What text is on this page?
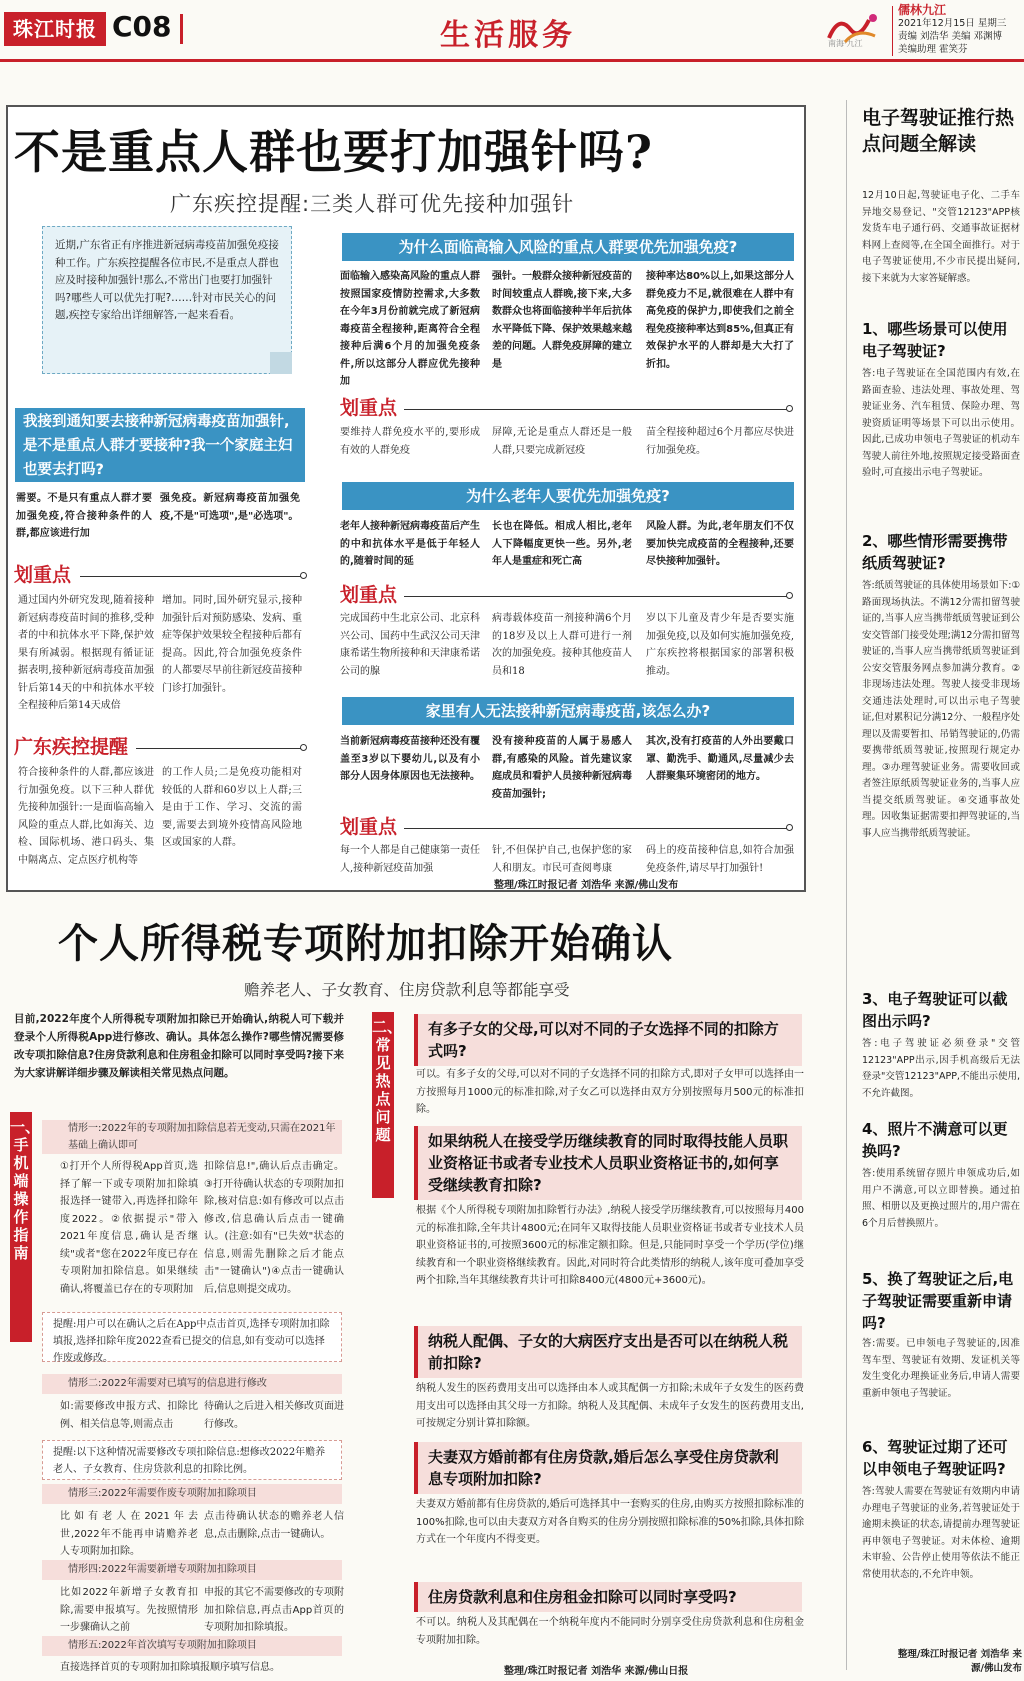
珠江时报 C08	生活服务	南海·九江
儒林九江
2021年12月15日 星期三
责编 刘浩华 美编 邓渊博
美编助理 霍笑芬
不是重点人群也要打加强针吗?
广东疾控提醒:三类人群可优先接种加强针
近期,广东省正有序推进新冠病毒疫苗加强免疫接种工作。广东疾控提醒各位市民,不是重点人群也应及时接种加强针!那么,不常出门也要打加强针吗?哪些人可以优先打呢?……针对市民关心的问题,疾控专家给出详细解答,一起来看看。
我接到通知要去接种新冠病毒疫苗加强针,是不是重点人群才要接种?我一个家庭主妇也要去打吗?
需要。不是只有重点人群才要加强免疫,符合接种条件的人群,都应该进行加
强免疫。新冠病毒疫苗加强免疫,不是"可选项",是"必选项"。
划重点
通过国内外研究发现,随着接种新冠病毒疫苗时间的推移,受种者的中和抗体水平下降,保护效果有所减弱。根据现有循证证据表明,接种新冠病毒疫苗加强针后第14天的中和抗体水平较全程接种后第14天成倍
增加。同时,国外研究显示,接种加强针后对预防感染、发病、重症等保护效果较全程接种后都有提高。因此,符合加强免疫条件的人都要尽早前往新冠疫苗接种门诊打加强针。
广东疾控提醒
符合接种条件的人群,都应该进行加强免疫。以下三种人群优先接种加强针:一是面临高输入风险的重点人群,比如海关、边检、国际机场、港口码头、集中隔离点、定点医疗机构等
的工作人员;二是免疫功能相对较低的人群和60岁以上人群;三是由于工作、学习、交流的需要,需要去到境外疫情高风险地区或国家的人群。
为什么面临高输入风险的重点人群要优先加强免疫?
面临输入感染高风险的重点人群按照国家疫情防控需求,大多数在今年3月份前就完成了新冠病毒疫苗全程接种,距离符合全程接种后满6个月的加强免疫条件,所以这部分人群应优先接种加
强针。一般群众接种新冠疫苗的时间较重点人群晚,接下来,大多数群众也将面临接种半年后抗体水平降低下降、保护效果越来越差的问题。人群免疫屏障的建立是
接种率达80%以上,如果这部分人群免疫力不足,就很难在人群中有高免疫的保护力,即使我们之前全程免疫接种率达到85%,但真正有效保护水平的人群却是大大打了折扣。
划重点
要维持人群免疫水平的,要形成有效的人群免疫
屏障,无论是重点人群还是一般人群,只要完成新冠疫
苗全程接种超过6个月都应尽快进行加强免疫。
为什么老年人要优先加强免疫?
老年人接种新冠病毒疫苗后产生的中和抗体水平是低于年轻人的,随着时间的延
长也在降低。相成人相比,老年人下降幅度更快一些。另外,老年人是重症和死亡高
风险人群。为此,老年朋友们不仅要加快完成疫苗的全程接种,还要尽快接种加强针。
划重点
完成国药中生北京公司、北京科兴公司、国药中生武汉公司天津康希诺生物所接种和天津康希诺公司的腺
病毒载体疫苗一剂接种满6个月的18岁及以上人群可进行一剂次的加强免疫。接种其他疫苗人员和18
岁以下儿童及青少年是否要实施加强免疫,以及如何实施加强免疫,广东疾控将根据国家的部署积极推动。
家里有人无法接种新冠病毒疫苗,该怎么办?
当前新冠病毒疫苗接种还没有覆盖至3岁以下婴幼儿,以及有小部分人因身体原因也无法接种。
没有接种疫苗的人属于易感人群,有感染的风险。首先建议家庭成员和看护人员接种新冠病毒疫苗加强针;
其次,没有打疫苗的人外出要戴口罩、勤洗手、勤通风,尽量减少去人群聚集环境密闭的地方。
划重点
每一个人都是自己健康第一责任人,接种新冠疫苗加强
针,不但保护自己,也保护您的家人和朋友。市民可查阅粤康
码上的疫苗接种信息,如符合加强免疫条件,请尽早打加强针!
整理/珠江时报记者 刘浩华 来源/佛山发布
电子驾驶证推行热点问题全解读
12月10日起,驾驶证电子化、二手车异地交易登记、"交管12123"APP核发货车电子通行码、交通事故证据材料网上查阅等,在全国全面推行。对于电子驾驶证使用,不少市民提出疑问,接下来就为大家答疑解惑。
1、哪些场景可以使用电子驾驶证?
答:电子驾驶证在全国范围内有效,在路面查验、违法处理、事故处理、驾驶证业务、汽车租赁、保险办理、驾驶资质证明等场景下可以出示使用。因此,已成功申领电子驾驶证的机动车驾驶人前往外地,按照规定接受路面查验时,可直接出示电子驾驶证。
2、哪些情形需要携带纸质驾驶证?
答:纸质驾驶证的具体使用场景如下:①路面现场执法。不满12分需扣留驾驶证的,当事人应当携带纸质驾驶证到公安交管部门接受处理;满12分需扣留驾驶证的,当事人应当携带纸质驾驶证到公安交管服务网点参加满分教育。②非现场违法处理。驾驶人接受非现场交通违法处理时,可以出示电子驾驶证,但对累积记分满12分、一般程序处理以及需要暂扣、吊销驾驶证的,仍需要携带纸质驾驶证,按照现行规定办理。③办理驾驶证业务。需要收回或者签注原纸质驾驶证业务的,当事人应当提交纸质驾驶证。④交通事故处理。因收集证据需要扣押驾驶证的,当事人应当携带纸质驾驶证。
3、电子驾驶证可以截图出示吗?
答:电子驾驶证必须登录"交管12123"APP出示,因手机高级后无法登录"交管12123"APP,不能出示使用,不允许截图。
4、照片不满意可以更换吗?
答:使用系统留存照片申领成功后,如用户不满意,可以立即替换。通过拍照、相册以及更换过照片的,用户需在6个月后替换照片。
5、换了驾驶证之后,电子驾驶证需要重新申请吗?
答:需要。已申领电子驾驶证的,因准驾车型、驾驶证有效期、发证机关等发生变化办理换证业务后,申请人需要重新申领电子驾驶证。
6、驾驶证过期了还可以申领电子驾驶证吗?
答:驾驶人需要在驾驶证有效期内申请办理电子驾驶证的业务,若驾驶证处于逾期未换证的状态,请提前办理驾驶证再申领电子驾驶证。对未体检、逾期未审验、公告停止使用等依法不能正常使用状态的,不允许申领。
整理/珠江时报记者 刘浩华 来源/佛山发布
个人所得税专项附加扣除开始确认
赡养老人、子女教育、住房贷款利息等都能享受
目前,2022年度个人所得税专项附加扣除已开始确认,纳税人可下载并登录个人所得税App进行修改、确认。具体怎么操作?哪些情况需要修改专项扣除信息?住房贷款利息和住房租金扣除可以同时享受吗?接下来为大家讲解详细步骤及解读相关常见热点问题。
一、手机端操作指南
二、常见热点问题
情形一:2022年的专项附加扣除信息若无变动,只需在2021年基础上确认即可
①打开个人所得税App首页,选择了解一下或专项附加扣除填报选择一键带入,再选择扣除年度2022。②依据提示"带入2021年度信息,确认是否继续"或者"您在2022年度已存在专项附加扣除信息。如果继续确认,将覆盖已存在的专项附加
扣除信息!",确认后点击确定。③打开待确认状态的专项附加扣除,核对信息:如有修改可以点击修改,信息确认后点击一键确认。(注意:如有"已失效"状态的信息,则需先删除之后才能点击"一键确认")④点击一键确认后,信息则提交成功。
提醒:用户可以在确认之后在App中点击首页,选择专项附加扣除填报,选择扣除年度2022查看已提交的信息,如有变动可以选择作废或修改。
情形二:2022年需要对已填写的信息进行修改
如:需要修改申报方式、扣除比例、相关信息等,则需点击
待确认之后进入相关修改页面进行修改。
提醒:以下这种情况需要修改专项扣除信息:想修改2022年赡养老人、子女教育、住房贷款利息的扣除比例。
情形三:2022年需要作废专项附加扣除项目
比如有老人在2021年去世,2022年不能再申请赡养老人专项附加扣除。
点击待确认状态的赡养老人信息,点击删除,点击一键确认。
情形四:2022年需要新增专项附加扣除项目
比如2022年新增子女教育扣除,需要申报填写。先按照情形一步骤确认之前
申报的其它不需要修改的专项附加扣除信息,再点击App首页的专项附加扣除填报。
情形五:2022年首次填写专项附加扣除项目
直接选择首页的专项附加扣除填报顺序填写信息。
有多子女的父母,可以对不同的子女选择不同的扣除方式吗?
可以。有多子女的父母,可以对不同的子女选择不同的扣除方式,即对子女甲可以选择由一方按照每月1000元的标准扣除,对子女乙可以选择由双方分别按照每月500元的标准扣除。
如果纳税人在接受学历继续教育的同时取得技能人员职业资格证书或者专业技术人员职业资格证书的,如何享受继续教育扣除?
根据《个人所得税专项附加扣除暂行办法》,纳税人接受学历继续教育,可以按照每月400元的标准扣除,全年共计4800元;在同年又取得技能人员职业资格证书或者专业技术人员职业资格证书的,可按照3600元的标准定额扣除。但是,只能同时享受一个学历(学位)继续教育和一个职业资格继续教育。因此,对同时符合此类情形的纳税人,该年度可叠加享受两个扣除,当年其继续教育共计可扣除8400元(4800元+3600元)。
纳税人配偶、子女的大病医疗支出是否可以在纳税人税前扣除?
纳税人发生的医药费用支出可以选择由本人或其配偶一方扣除;未成年子女发生的医药费用支出可以选择由其父母一方扣除。纳税人及其配偶、未成年子女发生的医药费用支出,可按规定分别计算扣除额。
夫妻双方婚前都有住房贷款,婚后怎么享受住房贷款利息专项附加扣除?
夫妻双方婚前都有住房贷款的,婚后可选择其中一套购买的住房,由购买方按照扣除标准的100%扣除,也可以由夫妻双方对各自购买的住房分别按照扣除标准的50%扣除,具体扣除方式在一个年度内不得变更。
住房贷款利息和住房租金扣除可以同时享受吗?
不可以。纳税人及其配偶在一个纳税年度内不能同时分别享受住房贷款利息和住房租金专项附加扣除。
整理/珠江时报记者 刘浩华 来源/佛山日报
